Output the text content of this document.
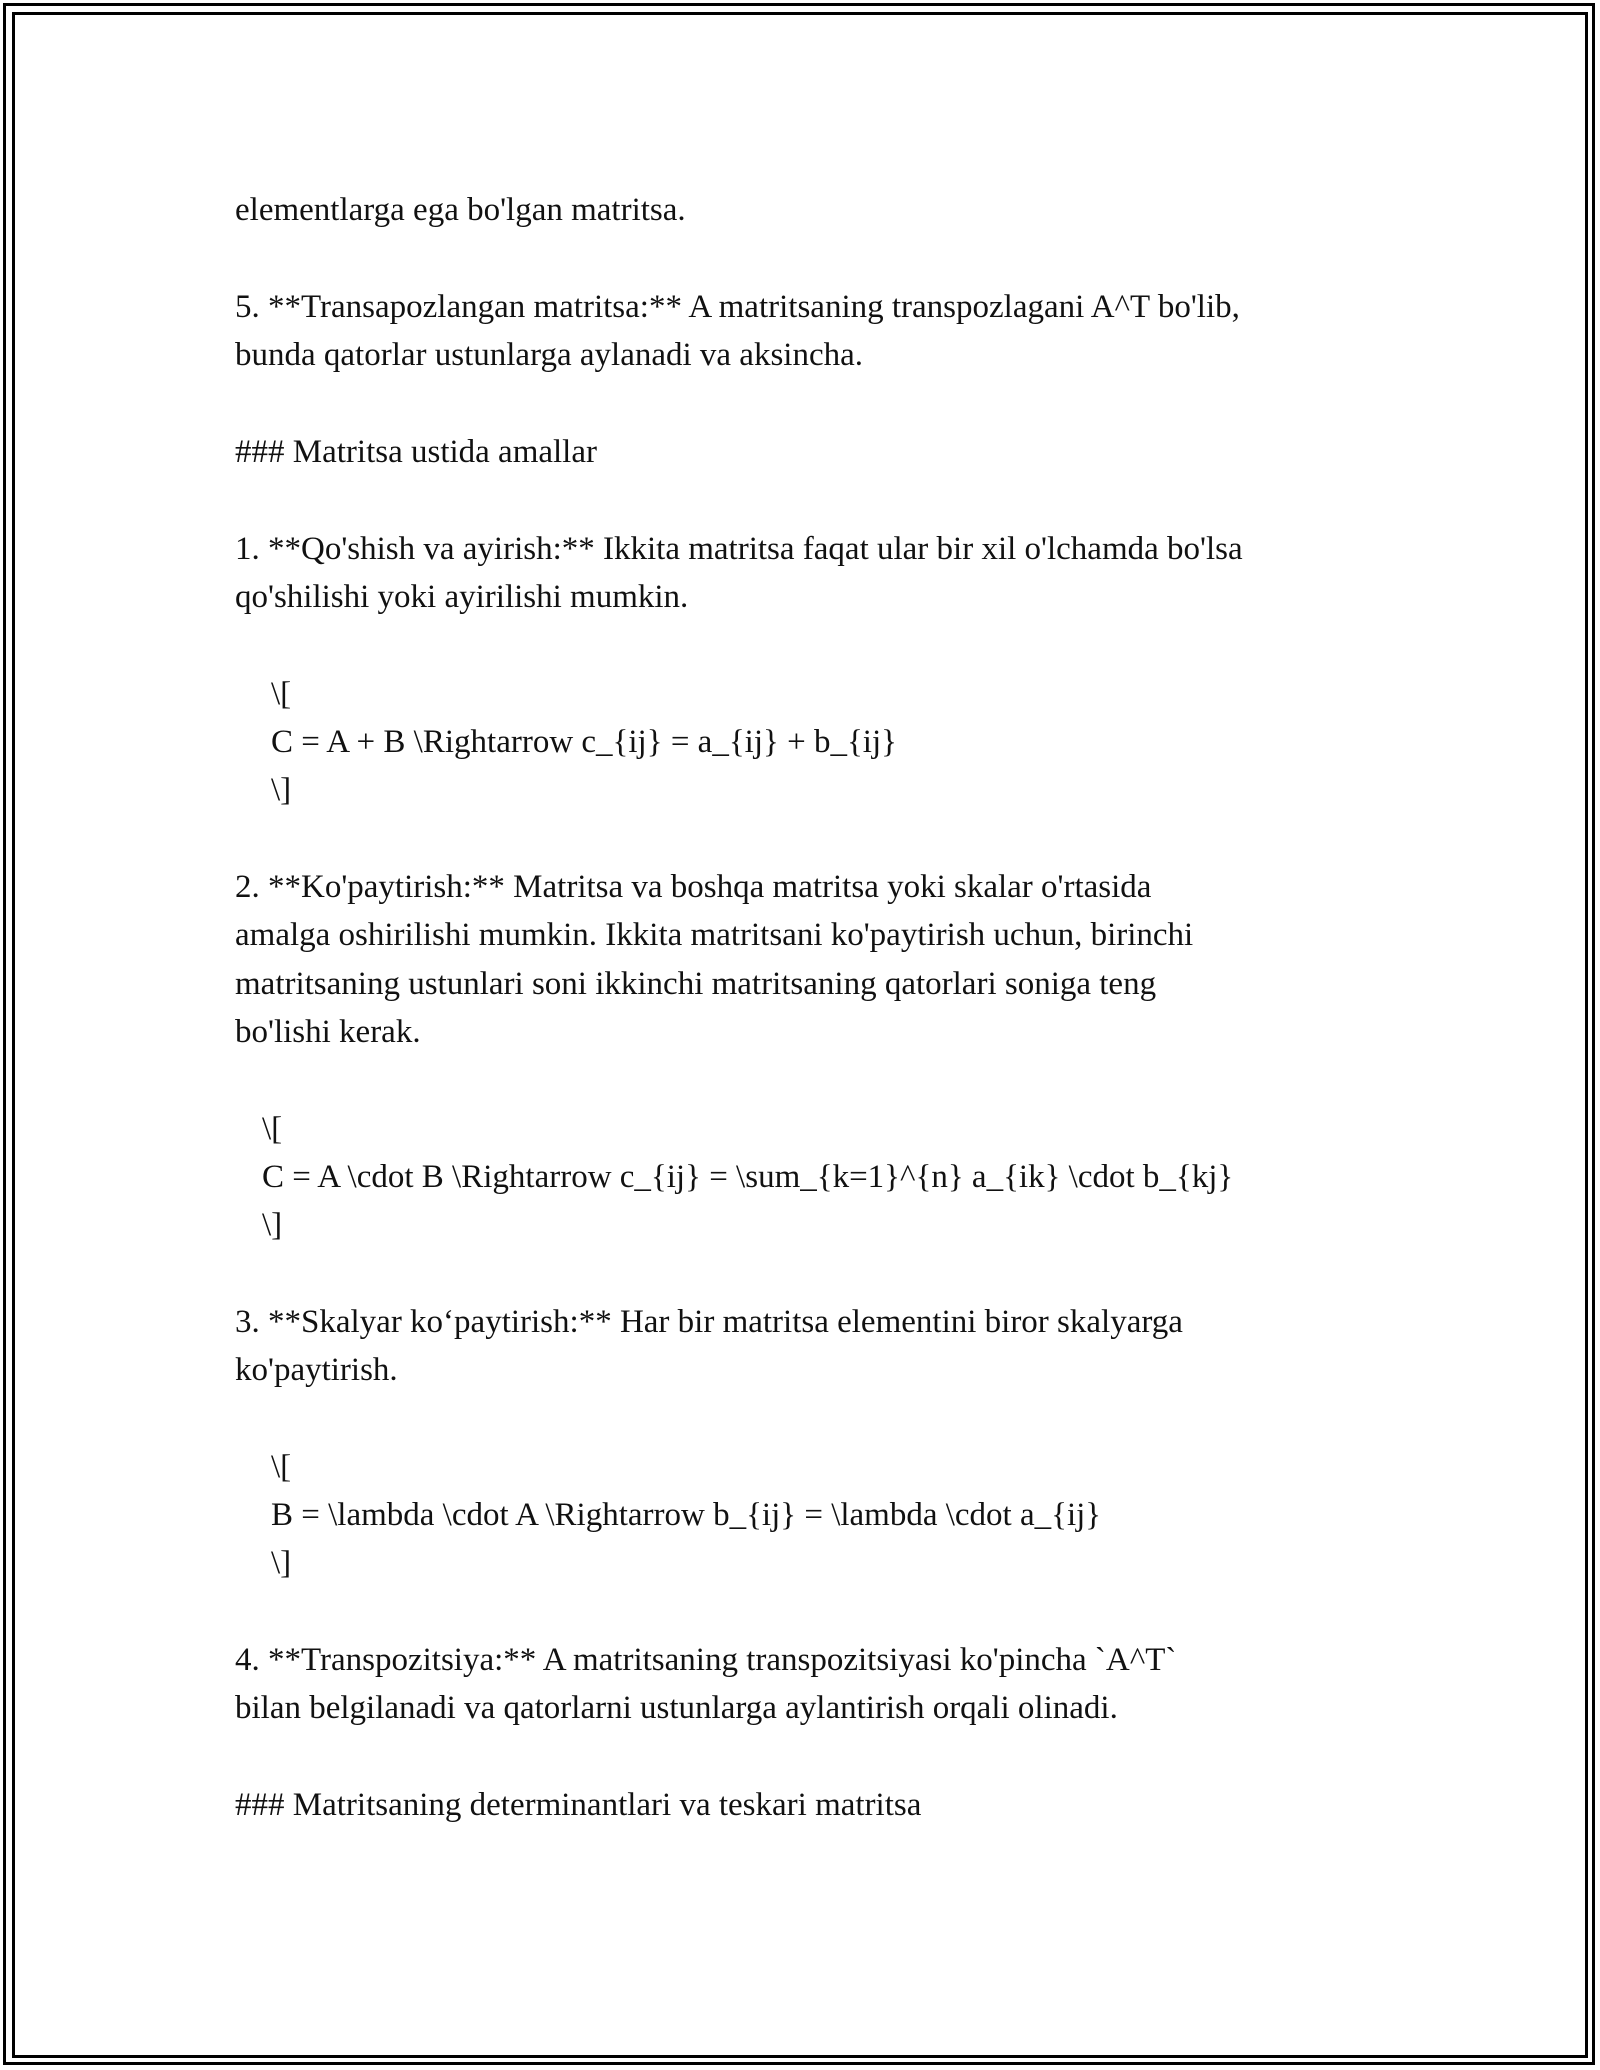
elementlarga ega bo'lgan matritsa.
5. **Transapozlangan matritsa:** A matritsaning transpozlagani A^T bo'lib,
bunda qatorlar ustunlarga aylanadi va aksincha.
### Matritsa ustida amallar
1. **Qo'shish va ayirish:** Ikkita matritsa faqat ular bir xil o'lchamda bo'lsa
qo'shilishi yoki ayirilishi mumkin.
\[
C = A + B \Rightarrow c_{ij} = a_{ij} + b_{ij}
\]
2. **Ko'paytirish:** Matritsa va boshqa matritsa yoki skalar o'rtasida
amalga oshirilishi mumkin. Ikkita matritsani ko'paytirish uchun, birinchi
matritsaning ustunlari soni ikkinchi matritsaning qatorlari soniga teng
bo'lishi kerak.
\[
C = A \cdot B \Rightarrow c_{ij} = \sum_{k=1}^{n} a_{ik} \cdot b_{kj}
\]
3. **Skalyar ko‘paytirish:** Har bir matritsa elementini biror skalyarga
ko'paytirish.
\[
B = \lambda \cdot A \Rightarrow b_{ij} = \lambda \cdot a_{ij}
\]
4. **Transpozitsiya:** A matritsaning transpozitsiyasi ko'pincha `A^T`
bilan belgilanadi va qatorlarni ustunlarga aylantirish orqali olinadi.
### Matritsaning determinantlari va teskari matritsa
